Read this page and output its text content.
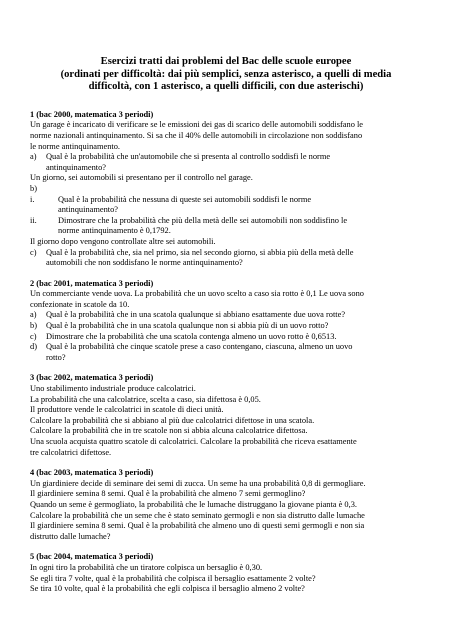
Esercizi tratti dai problemi del Bac delle scuole europee
(ordinati per difficoltà: dai più semplici, senza asterisco, a quelli di media
difficoltà, con 1 asterisco, a quelli difficili, con due asterischi)
1 (bac 2000, matematica 3 periodi)
Un garage è incaricato di verificare se le emissioni dei gas di scarico delle automobili soddisfano le
norme nazionali antinquinamento. Si sa che il 40% delle automobili in circolazione non soddisfano
le norme antinquinamento.
a)	Qual è la probabilità che un'automobile che si presenta al controllo soddisfi le norme
antinquinamento?
Un giorno, sei automobili si presentano per il controllo nel garage.
b)
i.	Qual è la probabilità che nessuna di queste sei automobili soddisfi le norme
antinquinamento?
ii.	Dimostrare che la probabilità che più della metà delle sei automobili non soddisfino le
norme antinquinamento è 0,1792.
Il giorno dopo vengono controllate altre sei automobili.
c)	Qual è la probabilità che, sia nel primo, sia nel secondo giorno, si abbia più della metà delle
automobili che non soddisfano le norme antinquinamento?
2 (bac 2001, matematica 3 periodi)
Un commerciante vende uova. La probabilità che un uovo scelto a caso sia rotto è 0,1 Le uova sono
confezionate in scatole da 10.
a)	Qual è la probabilità che in una scatola qualunque si abbiano esattamente due uova rotte?
b)	Qual è la probabilità che in una scatola qualunque non si abbia più di un uovo rotto?
c)	Dimostrare che la probabilità che una scatola contenga almeno un uovo rotto è 0,6513.
d)	Qual è la probabilità che cinque scatole prese a caso contengano, ciascuna, almeno un uovo
rotto?
3 (bac 2002, matematica 3 periodi)
Uno stabilimento industriale produce calcolatrici.
La probabilità che una calcolatrice, scelta a caso, sia difettosa è 0,05.
Il produttore vende le calcolatrici in scatole di dieci unità.
Calcolare la probabilità che si abbiano al più due calcolatrici difettose in una scatola.
Calcolare la probabilità che in tre scatole non si abbia alcuna calcolatrice difettosa.
Una scuola acquista quattro scatole di calcolatrici. Calcolare la probabilità che riceva esattamente
tre calcolatrici difettose.
4 (bac 2003, matematica 3 periodi)
Un giardiniere decide di seminare dei semi di zucca. Un seme ha una probabilità 0,8 di germogliare.
Il giardiniere semina 8 semi. Qual è la probabilità che almeno 7 semi germoglino?
Quando un seme è germogliato, la probabilità che le lumache distruggano la giovane pianta è 0,3.
Calcolare la probabilità che un seme che è stato seminato germogli e non sia distrutto dalle lumache
Il giardiniere semina 8 semi. Qual è la probabilità che almeno uno di questi semi germogli e non sia
distrutto dalle lumache?
5 (bac 2004, matematica 3 periodi)
In ogni tiro la probabilità che un tiratore colpisca un bersaglio è 0,30.
Se egli tira 7 volte, qual è la probabilità che colpisca il bersaglio esattamente 2 volte?
Se tira 10 volte, qual è la probabilità che egli colpisca il bersaglio almeno 2 volte?
